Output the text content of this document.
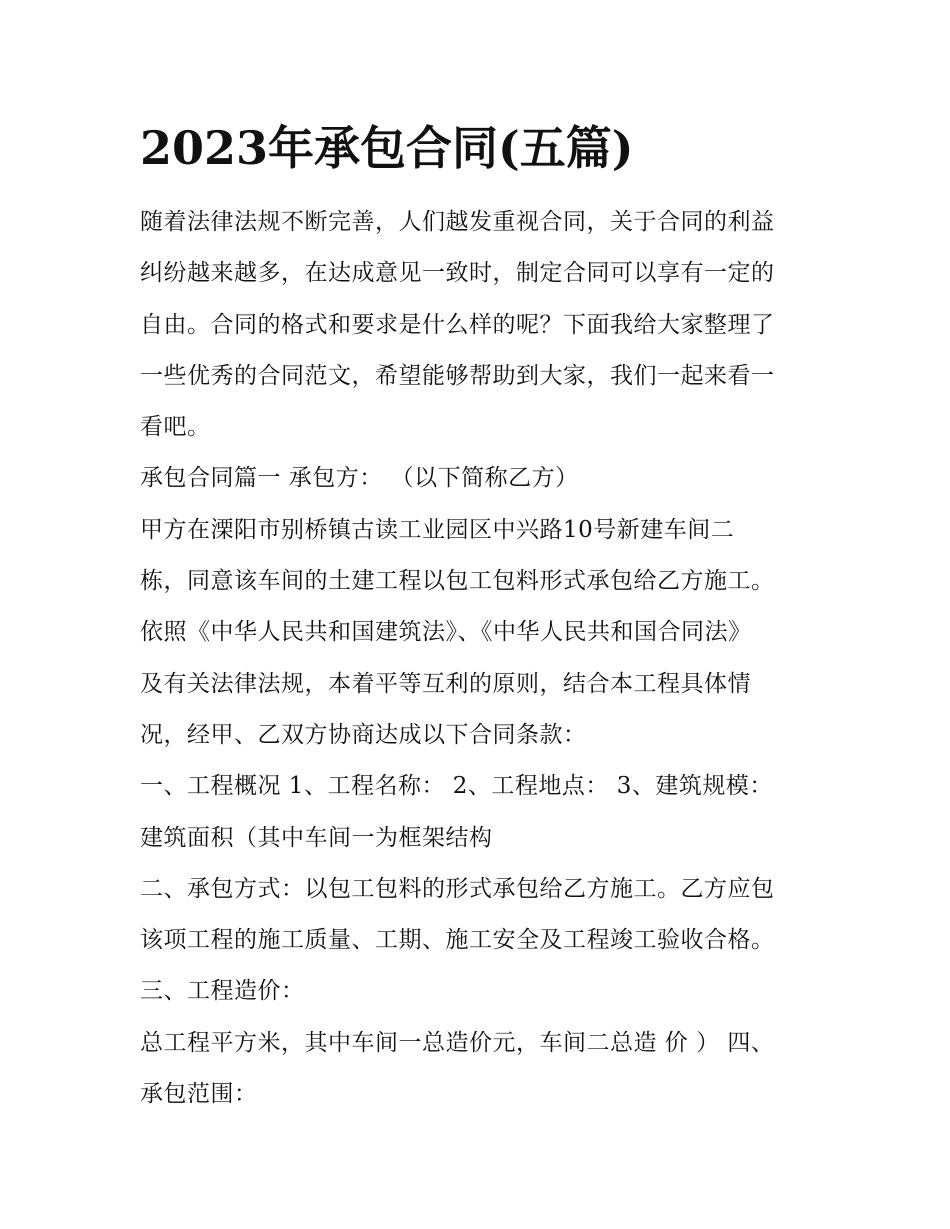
2023年承包合同(五篇)
随着法律法规不断完善，人们越发重视合同，关于合同的利益
纠纷越来越多，在达成意见一致时，制定合同可以享有一定的
自由。合同的格式和要求是什么样的呢？下面我给大家整理了
一些优秀的合同范文，希望能够帮助到大家，我们一起来看一
看吧。
承包合同篇一 承包方： （以下简称乙方）
甲方在溧阳市别桥镇古读工业园区中兴路10号新建车间二
栋，同意该车间的土建工程以包工包料形式承包给乙方施工。
依照《中华人民共和国建筑法》、《中华人民共和国合同法》
及有关法律法规，本着平等互利的原则，结合本工程具体情
况，经甲、乙双方协商达成以下合同条款：
一、工程概况 1、工程名称： 2、工程地点： 3、建筑规模：
建筑面积（其中车间一为框架结构
二、承包方式：以包工包料的形式承包给乙方施工。乙方应包
该项工程的施工质量、工期、施工安全及工程竣工验收合格。
三、工程造价：
总工程平方米，其中车间一总造价元，车间二总造 价 ） 四、
承包范围：
